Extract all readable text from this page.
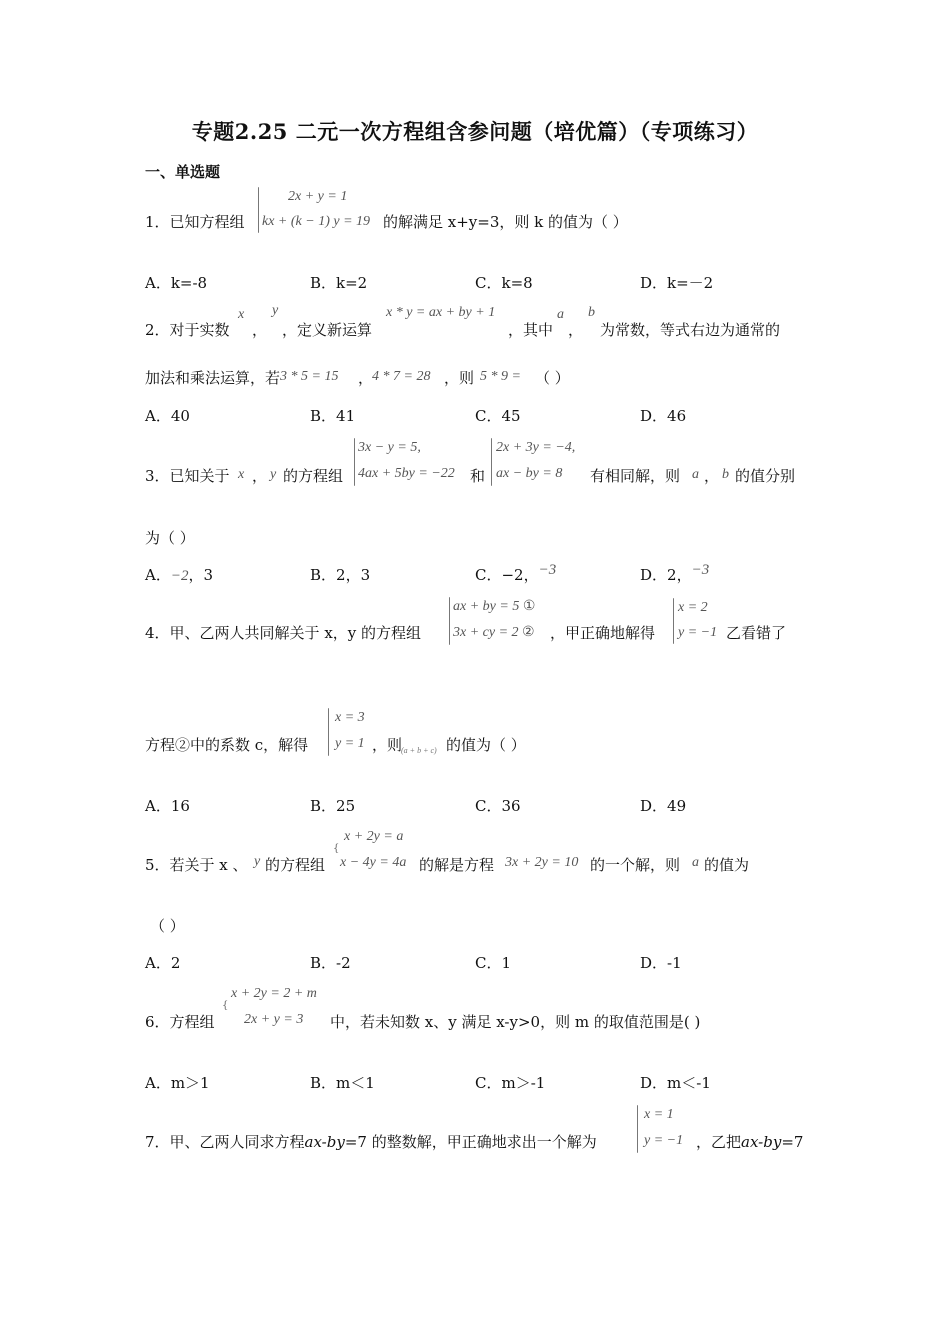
专题2.25 二元一次方程组含参问题（培优篇）（专项练习）
一、单选题
2x + y = 1
kx + (k − 1) y = 19
1．已知方程组	的解满足 x+y=3，则 k 的值为（ ）
A．k=-8	B．k=2	C．k=8	D．k=－2
2．对于实数
x
，
y
，定义新运算
x * y = ax + by + 1
，其中
a
，
b
为常数，等式右边为通常的
加法和乘法运算，若 3 * 5 = 15 ，
4 * 7 = 28 ，则 5 * 9 = （ ）
A．40	B．41	C．45	D．46
3．已知关于 x ， y 的方程组
3x − y = 5,
4ax + 5by = −22 和
2x + 3y = −4,
ax − by = 8 有相同解，则 a ， b 的值分别
为（ ）
A．−2，3	B．2，3	C．−2，−3	D．2，−3
4．甲、乙两人共同解关于 x，y 的方程组
ax + by = 5 ①
3x + cy = 2 ② ，甲正确地解得
x = 2
y = −1 乙看错了
方程②中的系数 c，解得
x = 3
y = 1 ，则
(a + b + c) 的值为（ ）
A．16	B．25	C．36	D．49
5．若关于 x 、 y 的方程组
{
x + 2y = a
x − 4y = 4a 的解是方程 3x + 2y = 10 的一个解，则 a 的值为
（ ）
A．2	B．-2	C．1	D．-1
6．方程组
{
x + 2y = 2 + m
2x + y = 3 中，若未知数 x、y 满足 x-y>0，则 m 的取值范围是( )
A．m＞1	B．m＜1	C．m＞-1	D．m＜-1
7．甲、乙两人同求方程ax-by=7 的整数解，甲正确地求出一个解为
x = 1
y = −1 ，乙把ax-by=7
